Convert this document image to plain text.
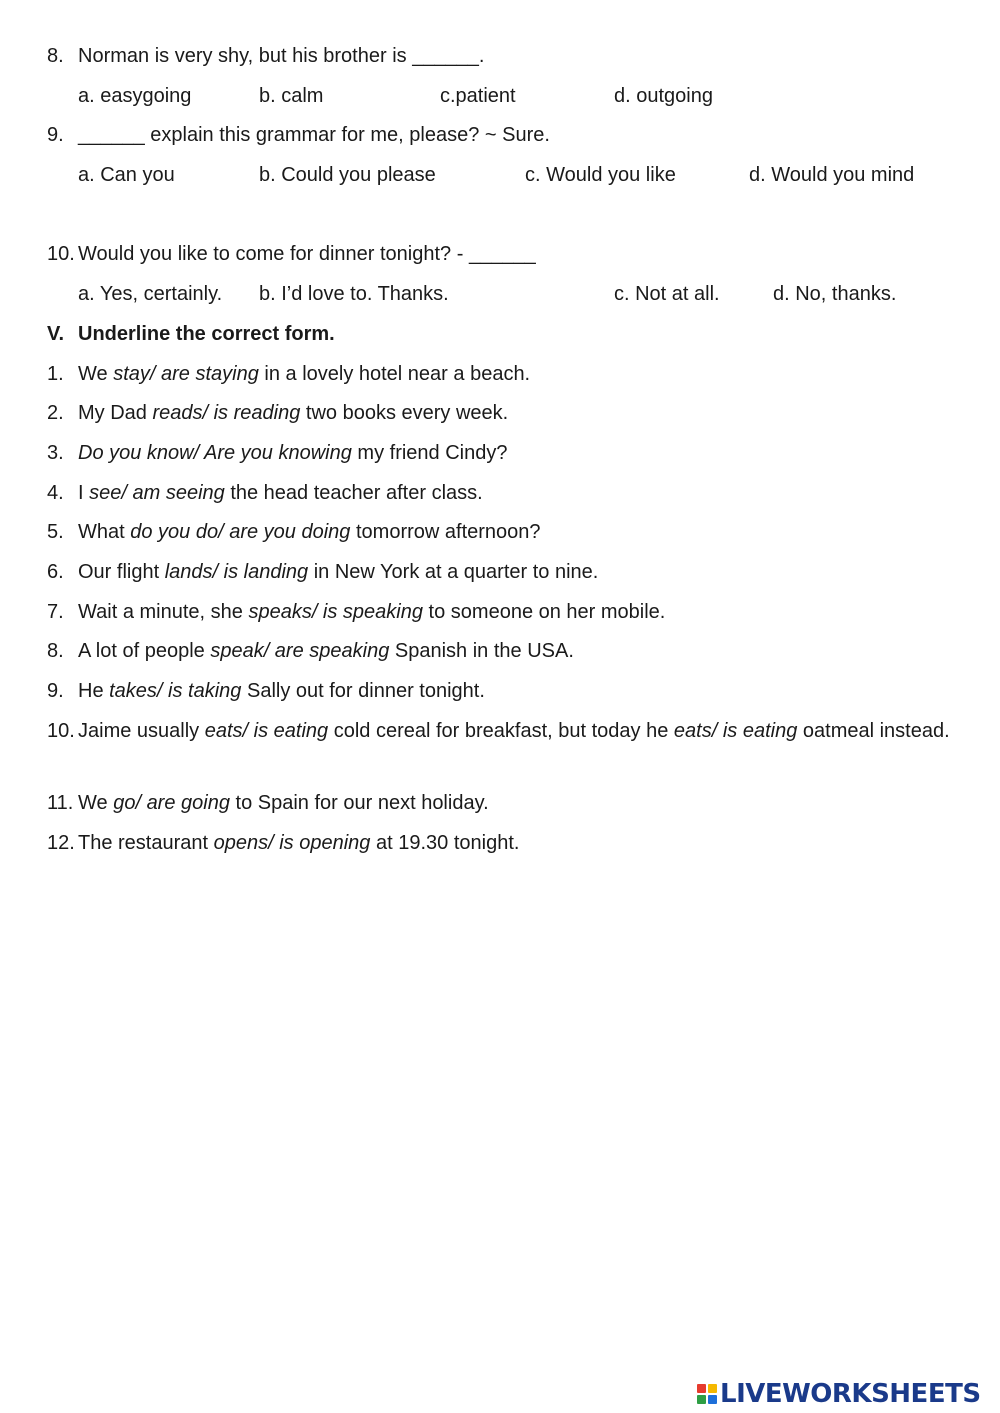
8. Norman is very shy, but his brother is ______.
a. easygoing	b. calm	c.patient	d. outgoing
9. ______ explain this grammar for me, please? ~ Sure.
a. Can you	b. Could you please	c. Would you like	d. Would you mind
10. Would you like to come for dinner tonight? - ______
a. Yes, certainly. b. I’d love to. Thanks.	c. Not at all.	d. No, thanks.
V. Underline the correct form.
1. We stay/ are staying in a lovely hotel near a beach.
2. My Dad reads/ is reading two books every week.
3. Do you know/ Are you knowing my friend Cindy?
4. I see/ am seeing the head teacher after class.
5. What do you do/ are you doing tomorrow afternoon?
6. Our flight lands/ is landing in New York at a quarter to nine.
7. Wait a minute, she speaks/ is speaking to someone on her mobile.
8. A lot of people speak/ are speaking Spanish in the USA.
9. He takes/ is taking Sally out for dinner tonight.
10. Jaime usually eats/ is eating cold cereal for breakfast, but today he eats/ is eating oatmeal instead.
11. We go/ are going to Spain for our next holiday.
12. The restaurant opens/ is opening at 19.30 tonight.
LIVEWORKSHEETS
